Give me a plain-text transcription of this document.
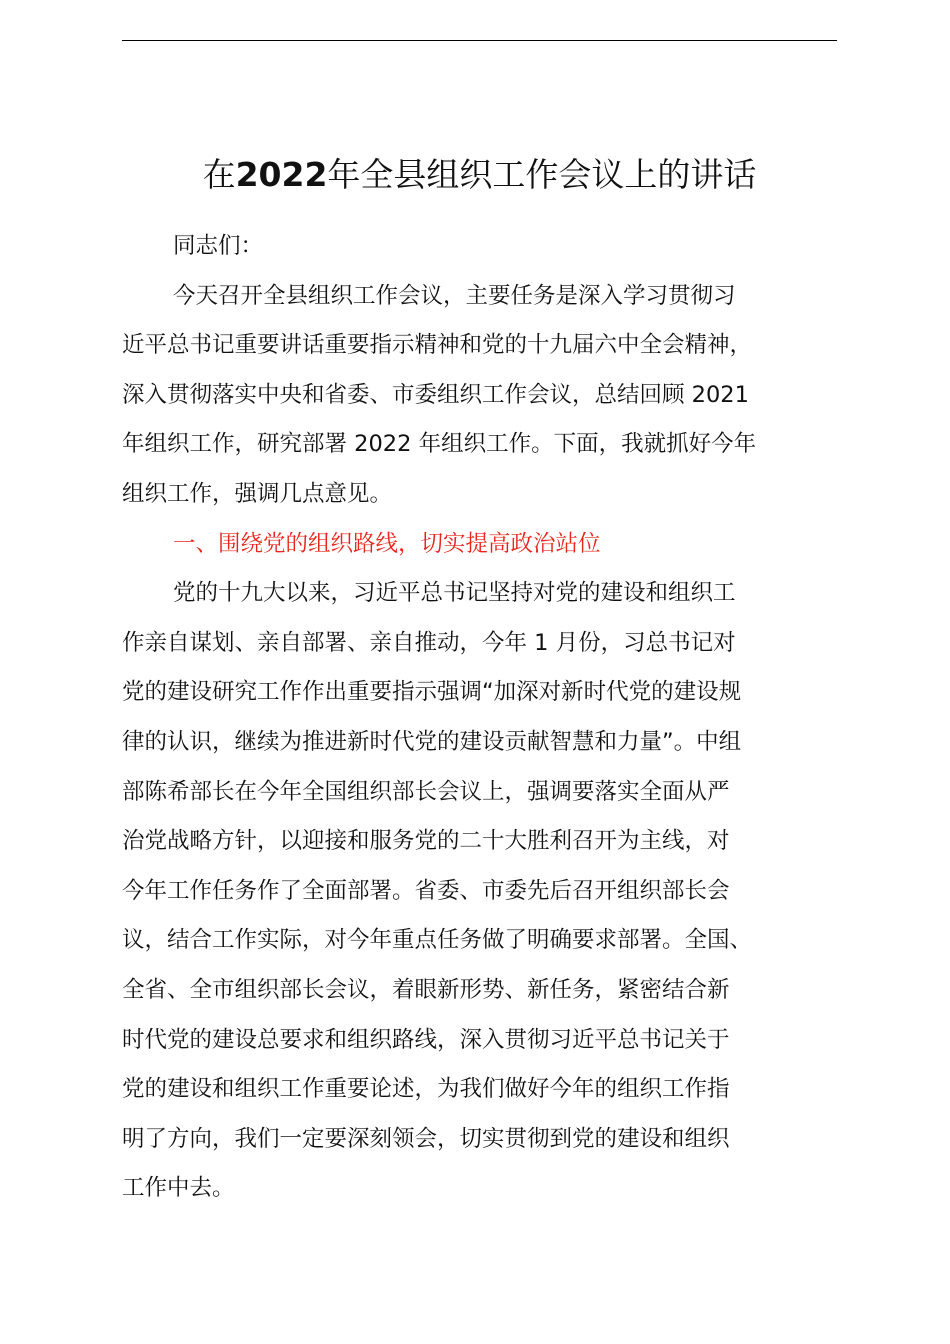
在2022年全县组织工作会议上的讲话
同志们：
今天召开全县组织工作会议，主要任务是深入学习贯彻习
近平总书记重要讲话重要指示精神和党的十九届六中全会精神，
深入贯彻落实中央和省委、市委组织工作会议，总结回顾 2021
年组织工作，研究部署 2022 年组织工作。下面，我就抓好今年
组织工作，强调几点意见。
一、围绕党的组织路线，切实提高政治站位
党的十九大以来，习近平总书记坚持对党的建设和组织工
作亲自谋划、亲自部署、亲自推动，今年 1 月份，习总书记对
党的建设研究工作作出重要指示强调“加深对新时代党的建设规
律的认识，继续为推进新时代党的建设贡献智慧和力量”。中组
部陈希部长在今年全国组织部长会议上，强调要落实全面从严
治党战略方针，以迎接和服务党的二十大胜利召开为主线，对
今年工作任务作了全面部署。省委、市委先后召开组织部长会
议，结合工作实际，对今年重点任务做了明确要求部署。全国、
全省、全市组织部长会议，着眼新形势、新任务，紧密结合新
时代党的建设总要求和组织路线，深入贯彻习近平总书记关于
党的建设和组织工作重要论述，为我们做好今年的组织工作指
明了方向，我们一定要深刻领会，切实贯彻到党的建设和组织
工作中去。
